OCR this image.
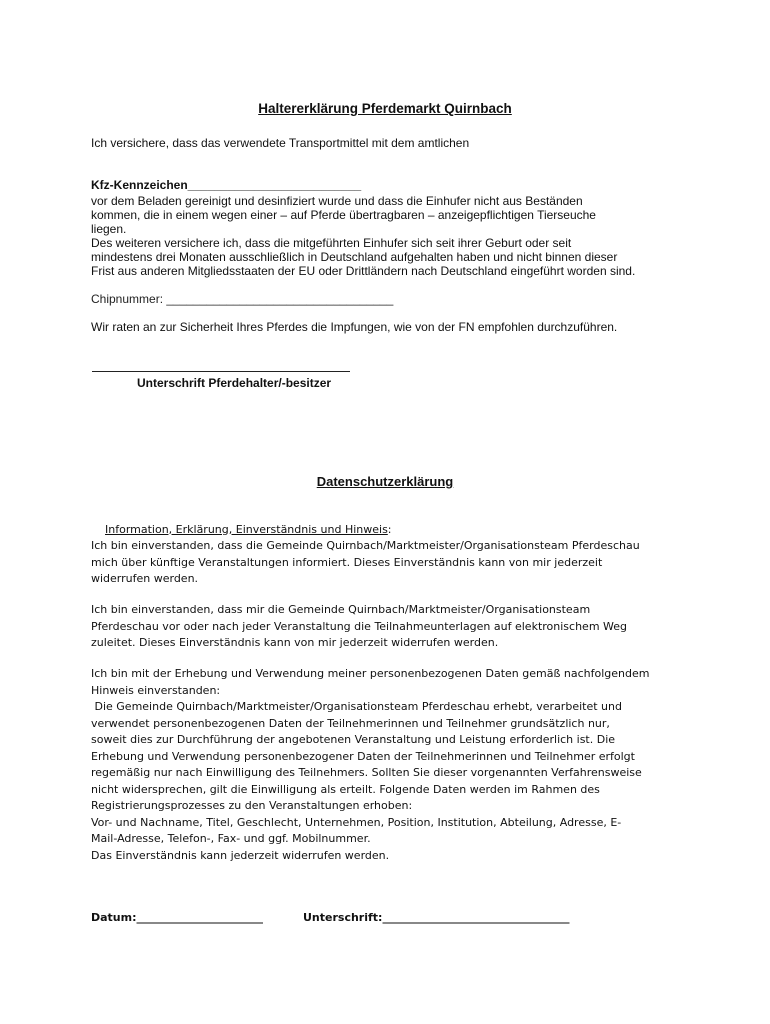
Haltererklärung Pferdemarkt Quirnbach
Ich versichere, dass das verwendete Transportmittel mit dem amtlichen
Kfz-Kennzeichen__________________________
vor dem Beladen gereinigt und desinfiziert wurde und dass die Einhufer nicht aus Beständen
kommen, die in einem wegen einer – auf Pferde übertragbaren – anzeigepflichtigen Tierseuche
liegen.
Des weiteren versichere ich, dass die mitgeführten Einhufer sich seit ihrer Geburt oder seit
mindestens drei Monaten ausschließlich in Deutschland aufgehalten haben und nicht binnen dieser
Frist aus anderen Mitgliedsstaaten der EU oder Drittländern nach Deutschland eingeführt worden sind.
Chipnummer: __________________________________
Wir raten an zur Sicherheit Ihres Pferdes die Impfungen, wie von der FN empfohlen durchzuführen.
Unterschrift Pferdehalter/-besitzer
Datenschutzerklärung

Information, Erklärung, Einverständnis und Hinweis:

Ich bin einverstanden, dass die Gemeinde Quirnbach/Marktmeister/Organisationsteam Pferdeschau
mich über künftige Veranstaltungen informiert. Dieses Einverständnis kann von mir jederzeit
widerrufen werden.
Ich bin einverstanden, dass mir die Gemeinde Quirnbach/Marktmeister/Organisationsteam
Pferdeschau vor oder nach jeder Veranstaltung die Teilnahmeunterlagen auf elektronischem Weg
zuleitet. Dieses Einverständnis kann von mir jederzeit widerrufen werden.
Ich bin mit der Erhebung und Verwendung meiner personenbezogenen Daten gemäß nachfolgendem
Hinweis einverstanden:
Die Gemeinde Quirnbach/Marktmeister/Organisationsteam Pferdeschau erhebt, verarbeitet und
verwendet personenbezogenen Daten der Teilnehmerinnen und Teilnehmer grundsätzlich nur,
soweit dies zur Durchführung der angebotenen Veranstaltung und Leistung erforderlich ist. Die
Erhebung und Verwendung personenbezogener Daten der Teilnehmerinnen und Teilnehmer erfolgt
regemäßig nur nach Einwilligung des Teilnehmers. Sollten Sie dieser vorgenannten Verfahrensweise
nicht widersprechen, gilt die Einwilligung als erteilt. Folgende Daten werden im Rahmen des
Registrierungsprozesses zu den Veranstaltungen erhoben:
Vor- und Nachname, Titel, Geschlecht, Unternehmen, Position, Institution, Abteilung, Adresse, E-
Mail-Adresse, Telefon-, Fax- und ggf. Mobilnummer.
Das Einverständnis kann jederzeit widerrufen werden.
Datum:_______________________	Unterschrift:__________________________________
